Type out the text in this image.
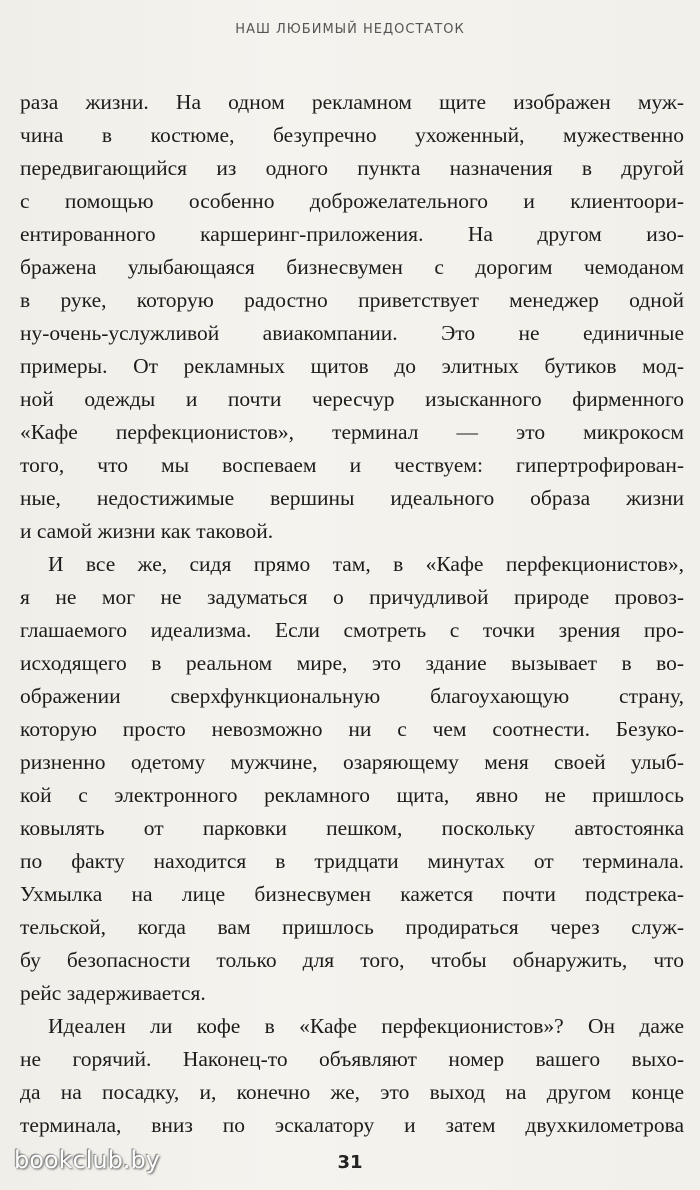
НАШ ЛЮБИМЫЙ НЕДОСТАТОК
раза жизни. На одном рекламном щите изображен муж-
чина в костюме, безупречно ухоженный, мужественно
передвигающийся из одного пункта назначения в другой
с помощью особенно доброжелательного и клиентоори-
ентированного каршеринг-приложения. На другом изо-
бражена улыбающаяся бизнесвумен с дорогим чемоданом
в руке, которую радостно приветствует менеджер одной
ну-очень-услужливой авиакомпании. Это не единичные
примеры. От рекламных щитов до элитных бутиков мод-
ной одежды и почти чересчур изысканного фирменного
«Кафе перфекционистов», терминал — это микрокосм
того, что мы воспеваем и чествуем: гипертрофирован-
ные, недостижимые вершины идеального образа жизни
и самой жизни как таковой.
И все же, сидя прямо там, в «Кафе перфекционистов»,
я не мог не задуматься о причудливой природе провоз-
глашаемого идеализма. Если смотреть с точки зрения про-
исходящего в реальном мире, это здание вызывает в во-
ображении сверхфункциональную благоухающую страну,
которую просто невозможно ни с чем соотнести. Безуко-
ризненно одетому мужчине, озаряющему меня своей улыб-
кой с электронного рекламного щита, явно не пришлось
ковылять от парковки пешком, поскольку автостоянка
по факту находится в тридцати минутах от терминала.
Ухмылка на лице бизнесвумен кажется почти подстрека-
тельской, когда вам пришлось продираться через служ-
бу безопасности только для того, чтобы обнаружить, что
рейс задерживается.
Идеален ли кофе в «Кафе перфекционистов»? Он даже
не горячий. Наконец-то объявляют номер вашего выхо-
да на посадку, и, конечно же, это выход на другом конце
терминала, вниз по эскалатору и затем двухкилометрова
bookclub.by	31
